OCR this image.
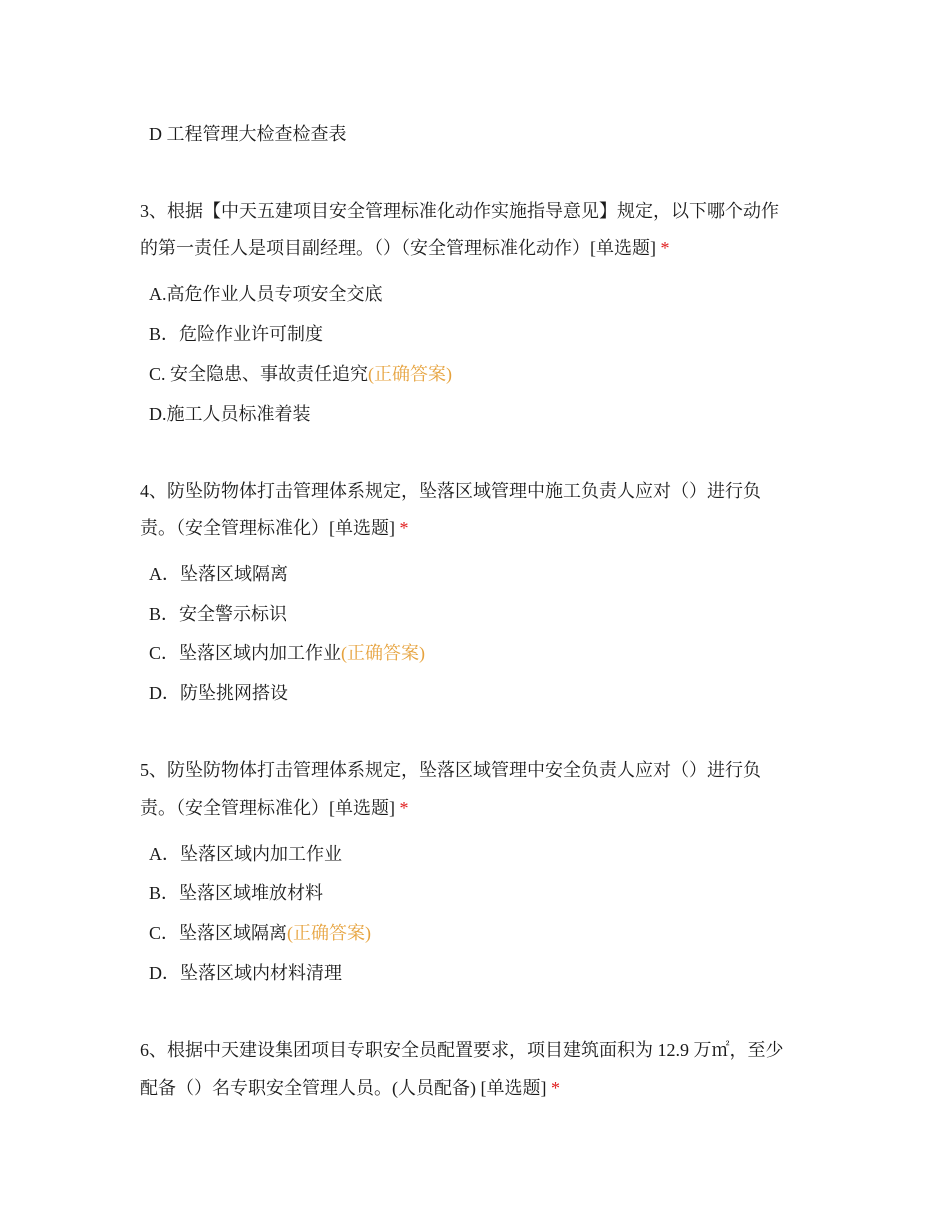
D 工程管理大检查检查表
3、根据【中天五建项目安全管理标准化动作实施指导意见】规定，以下哪个动作
的第一责任人是项目副经理。（）（安全管理标准化动作）[单选题] *
A.高危作业人员专项安全交底
B．危险作业许可制度
C. 安全隐患、事故责任追究(正确答案)
D.施工人员标准着装
4、防坠防物体打击管理体系规定，坠落区域管理中施工负责人应对（）进行负
责。（安全管理标准化）[单选题] *
A．坠落区域隔离
B．安全警示标识
C．坠落区域内加工作业(正确答案)
D．防坠挑网搭设
5、防坠防物体打击管理体系规定，坠落区域管理中安全负责人应对（）进行负
责。（安全管理标准化）[单选题] *
A．坠落区域内加工作业
B．坠落区域堆放材料
C．坠落区域隔离(正确答案)
D．坠落区域内材料清理
6、根据中天建设集团项目专职安全员配置要求，项目建筑面积为 12.9 万㎡，至少
配备（）名专职安全管理人员。(人员配备) [单选题] *
